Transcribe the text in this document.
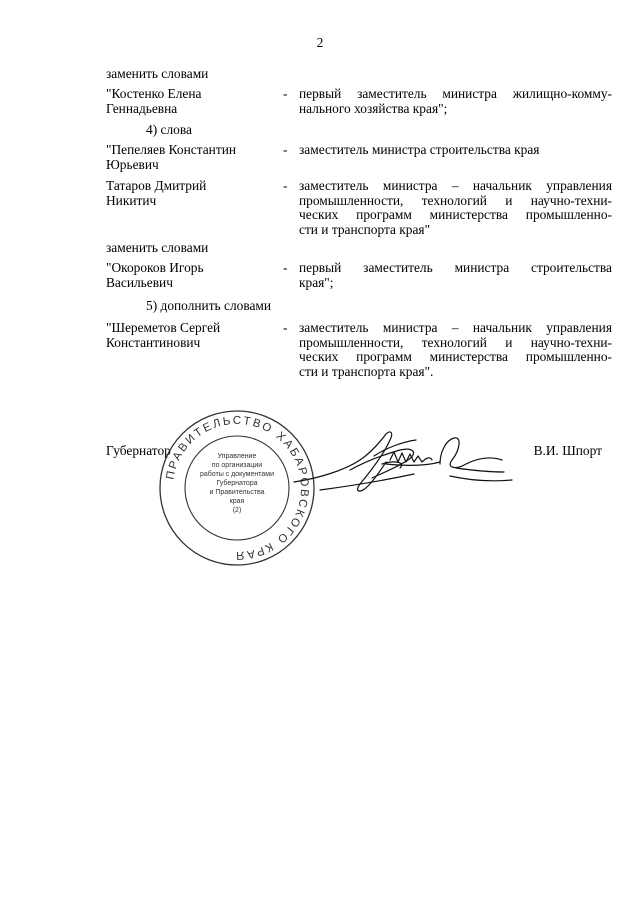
2
заменить словами
"Костенко Елена
Геннадьевна
- первый заместитель министра жилищно-комму-
нального хозяйства края";
4) слова
"Пепеляев Константин
Юрьевич
- заместитель министра строительства края
Татаров Дмитрий
Никитич
- заместитель министра – начальник управления
промышленности, технологий и научно-техни-
ческих программ министерства промышленно-
сти и транспорта края"
заменить словами
"Окороков Игорь
Васильевич
- первый заместитель министра строительства
края";
5) дополнить словами
"Шереметов Сергей
Константинович
- заместитель министра – начальник управления
промышленности, технологий и научно-техни-
ческих программ министерства промышленно-
сти и транспорта края".
Губернатор	В.И. Шпорт
ПРАВИТЕЛЬСТВО ХАБАРОВСКОГО КРАЯ
Управление
по организации
работы с документами
Губернатора
и Правительства
края
(2)
